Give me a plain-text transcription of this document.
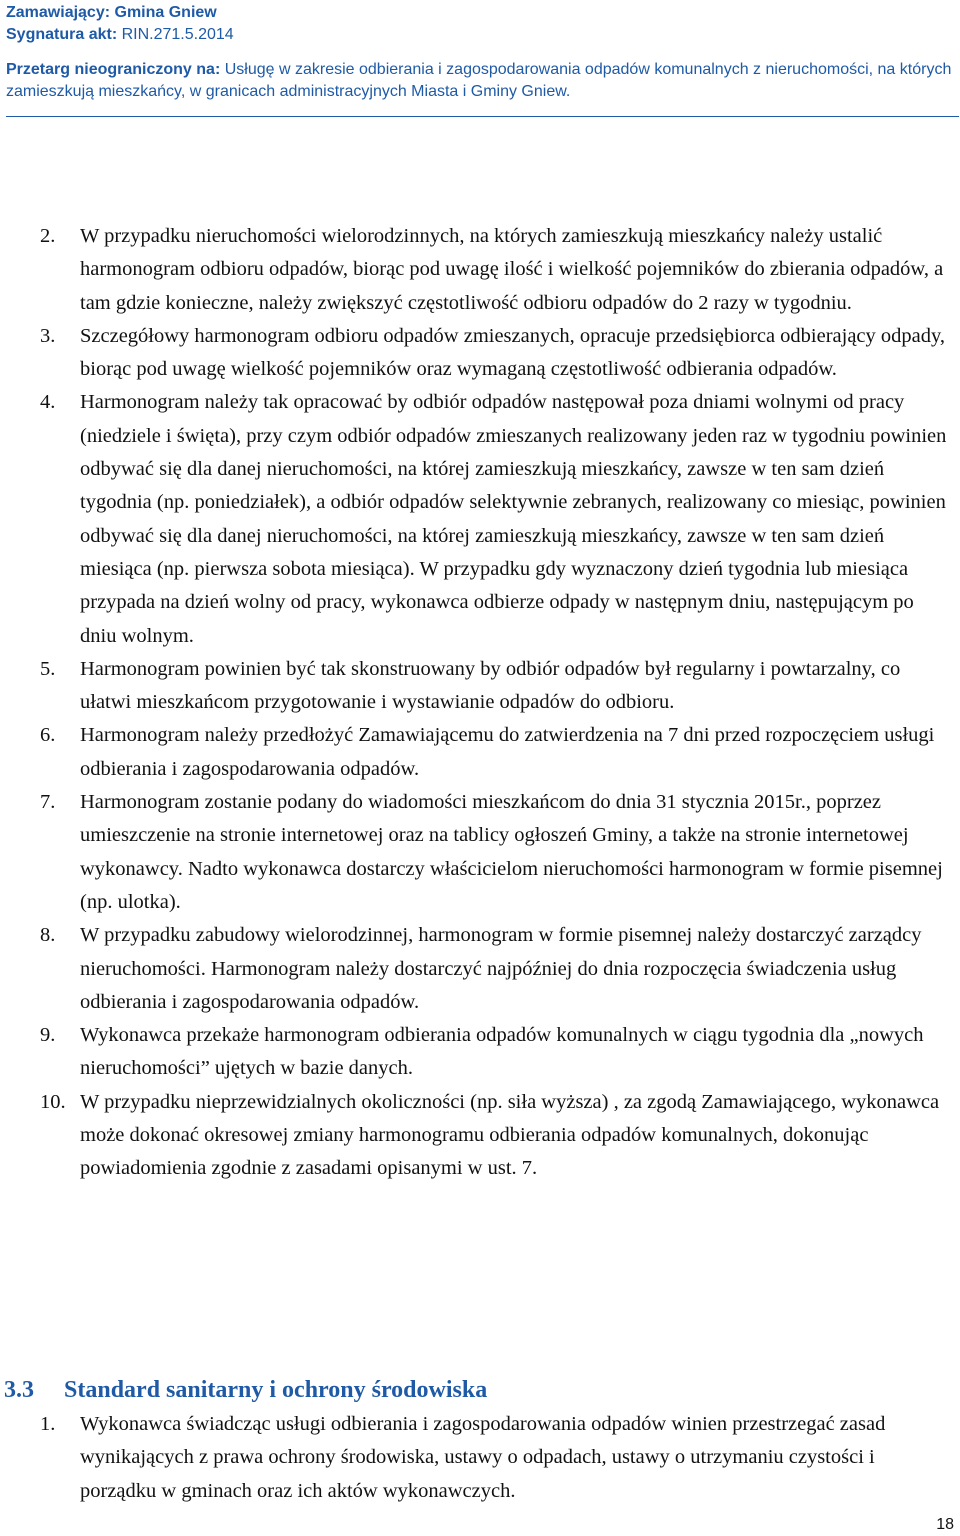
Zamawiający: Gmina Gniew
Sygnatura akt: RIN.271.5.2014
Przetarg nieograniczony na: Usługę w zakresie odbierania i zagospodarowania odpadów komunalnych z nieruchomości, na których zamieszkują mieszkańcy, w granicach administracyjnych Miasta i Gminy Gniew.
2. W przypadku nieruchomości wielorodzinnych, na których zamieszkują mieszkańcy należy ustalić harmonogram odbioru odpadów, biorąc pod uwagę ilość i wielkość pojemników do zbierania odpadów, a tam gdzie konieczne, należy zwiększyć częstotliwość odbioru odpadów do 2 razy w tygodniu.
3. Szczegółowy harmonogram odbioru odpadów zmieszanych, opracuje przedsiębiorca odbierający odpady, biorąc pod uwagę wielkość pojemników oraz wymaganą częstotliwość odbierania odpadów.
4. Harmonogram należy tak opracować by odbiór odpadów następował poza dniami wolnymi od pracy (niedziele i święta), przy czym odbiór odpadów zmieszanych realizowany jeden raz w tygodniu powinien odbywać się dla danej nieruchomości, na której zamieszkują mieszkańcy, zawsze w ten sam dzień tygodnia (np. poniedziałek), a odbiór odpadów selektywnie zebranych, realizowany co miesiąc, powinien odbywać się dla danej nieruchomości, na której zamieszkują mieszkańcy, zawsze w ten sam dzień miesiąca (np. pierwsza sobota miesiąca). W przypadku gdy wyznaczony dzień tygodnia lub miesiąca przypada na dzień wolny od pracy, wykonawca odbierze odpady w następnym dniu, następującym po dniu wolnym.
5. Harmonogram powinien być tak skonstruowany by odbiór odpadów był regularny i powtarzalny, co ułatwi mieszkańcom przygotowanie i wystawianie odpadów do odbioru.
6. Harmonogram należy przedłożyć Zamawiającemu do zatwierdzenia na 7 dni przed rozpoczęciem usługi odbierania i zagospodarowania odpadów.
7. Harmonogram zostanie podany do wiadomości mieszkańcom do dnia 31 stycznia 2015r., poprzez umieszczenie na stronie internetowej oraz na tablicy ogłoszeń Gminy, a także na stronie internetowej wykonawcy. Nadto wykonawca dostarczy właścicielom nieruchomości harmonogram w formie pisemnej (np. ulotka).
8. W przypadku zabudowy wielorodzinnej, harmonogram w formie pisemnej należy dostarczyć zarządcy nieruchomości. Harmonogram należy dostarczyć najpóźniej do dnia rozpoczęcia świadczenia usług odbierania i zagospodarowania odpadów.
9. Wykonawca przekaże harmonogram odbierania odpadów komunalnych w ciągu tygodnia dla „nowych nieruchomości” ujętych w bazie danych.
10. W przypadku nieprzewidzialnych okoliczności (np. siła wyższa) , za zgodą Zamawiającego, wykonawca może dokonać okresowej zmiany harmonogramu odbierania odpadów komunalnych, dokonując powiadomienia zgodnie z zasadami opisanymi w ust. 7.
3.3 Standard sanitarny i ochrony środowiska
1. Wykonawca świadcząc usługi odbierania i zagospodarowania odpadów winien przestrzegać zasad wynikających z prawa ochrony środowiska, ustawy o odpadach, ustawy o utrzymaniu czystości i porządku w gminach oraz ich aktów wykonawczych.
18
